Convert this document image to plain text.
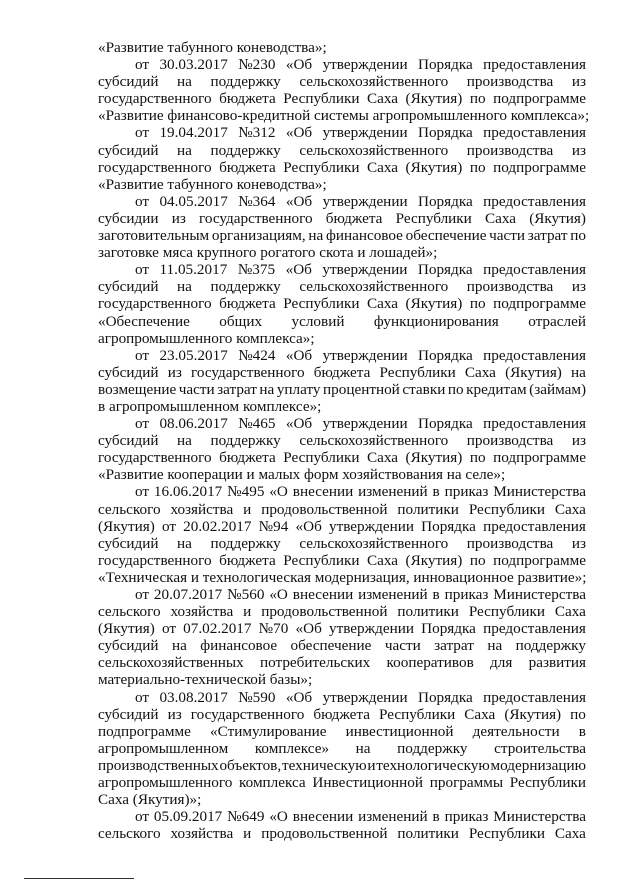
«Развитие табунного коневодства»;
от 30.03.2017 №230 «Об утверждении Порядка предоставления
субсидий на поддержку сельскохозяйственного производства из
государственного бюджета Республики Саха (Якутия) по подпрограмме
«Развитие финансово-кредитной системы агропромышленного комплекса»;
от 19.04.2017 №312 «Об утверждении Порядка предоставления
субсидий на поддержку сельскохозяйственного производства из
государственного бюджета Республики Саха (Якутия) по подпрограмме
«Развитие табунного коневодства»;
от 04.05.2017 №364 «Об утверждении Порядка предоставления
субсидии из государственного бюджета Республики Саха (Якутия)
заготовительным организациям, на финансовое обеспечение части затрат по
заготовке мяса крупного рогатого скота и лошадей»;
от 11.05.2017 №375 «Об утверждении Порядка предоставления
субсидий на поддержку сельскохозяйственного производства из
государственного бюджета Республики Саха (Якутия) по подпрограмме
«Обеспечение общих условий функционирования отраслей
агропромышленного комплекса»;
от 23.05.2017 №424 «Об утверждении Порядка предоставления
субсидий из государственного бюджета Республики Саха (Якутия) на
возмещение части затрат на уплату процентной ставки по кредитам (займам)
в агропромышленном комплексе»;
от 08.06.2017 №465 «Об утверждении Порядка предоставления
субсидий на поддержку сельскохозяйственного производства из
государственного бюджета Республики Саха (Якутия) по подпрограмме
«Развитие кооперации и малых форм хозяйствования на селе»;
от 16.06.2017 №495 «О внесении изменений в приказ Министерства
сельского хозяйства и продовольственной политики Республики Саха
(Якутия) от 20.02.2017 №94 «Об утверждении Порядка предоставления
субсидий на поддержку сельскохозяйственного производства из
государственного бюджета Республики Саха (Якутия) по подпрограмме
«Техническая и технологическая модернизация, инновационное развитие»;
от 20.07.2017 №560 «О внесении изменений в приказ Министерства
сельского хозяйства и продовольственной политики Республики Саха
(Якутия) от 07.02.2017 №70 «Об утверждении Порядка предоставления
субсидий на финансовое обеспечение части затрат на поддержку
сельскохозяйственных потребительских кооперативов для развития
материально-технической базы»;
от 03.08.2017 №590 «Об утверждении Порядка предоставления
субсидий из государственного бюджета Республики Саха (Якутия) по
подпрограмме «Стимулирование инвестиционной деятельности в
агропромышленном комплексе» на поддержку строительства
производственных объектов, техническую и технологическую модернизацию
агропромышленного комплекса Инвестиционной программы Республики
Саха (Якутия)»;
от 05.09.2017 №649 «О внесении изменений в приказ Министерства
сельского хозяйства и продовольственной политики Республики Саха
